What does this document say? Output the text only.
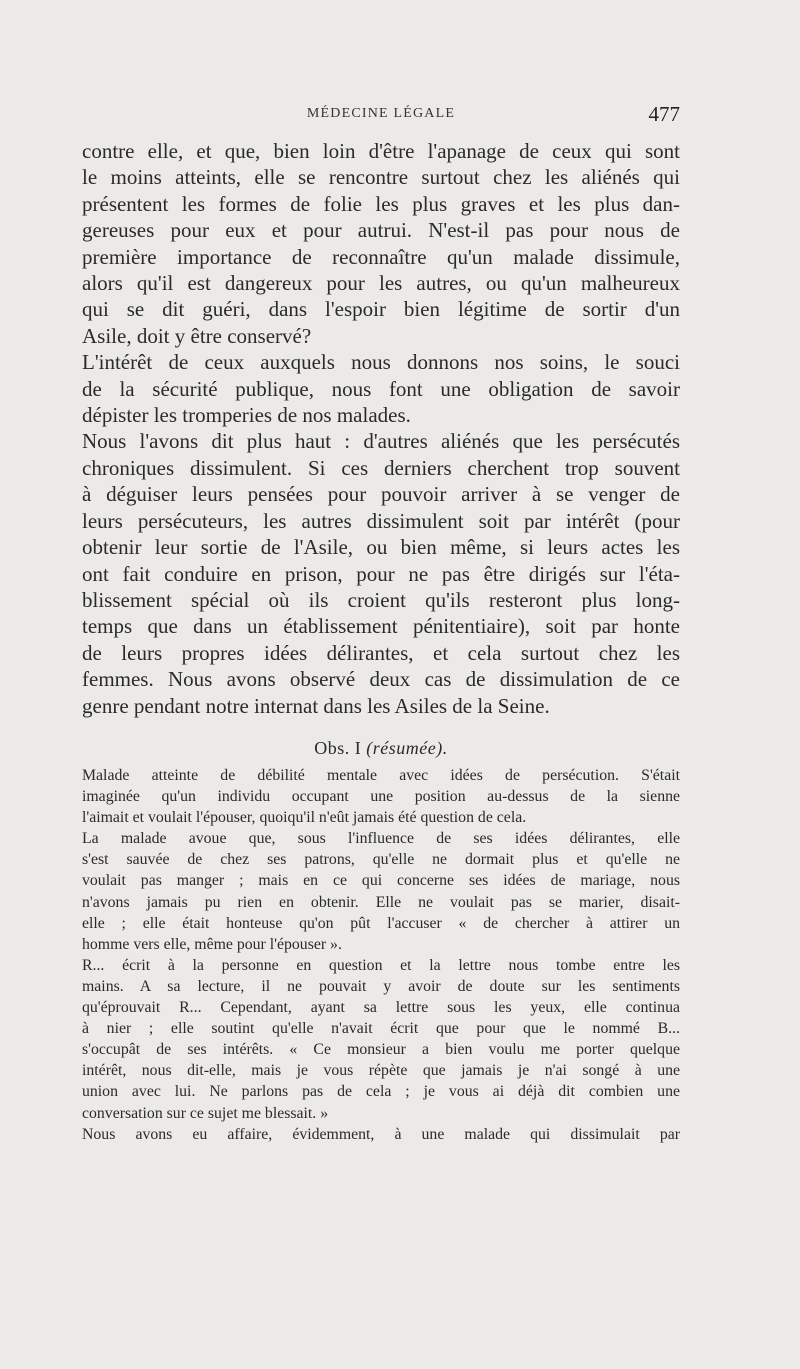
MÉDECINE LÉGALE	477

contre elle, et que, bien loin d'être l'apanage de ceux qui sont

le moins atteints, elle se rencontre surtout chez les aliénés qui

présentent les formes de folie les plus graves et les plus dan-

gereuses pour eux et pour autrui. N'est-il pas pour nous de

première importance de reconnaître qu'un malade dissimule,

alors qu'il est dangereux pour les autres, ou qu'un malheureux

qui se dit guéri, dans l'espoir bien légitime de sortir d'un

Asile, doit y être conservé?

L'intérêt de ceux auxquels nous donnons nos soins, le souci

de la sécurité publique, nous font une obligation de savoir

dépister les tromperies de nos malades.

Nous l'avons dit plus haut : d'autres aliénés que les persécutés

chroniques dissimulent. Si ces derniers cherchent trop souvent

à déguiser leurs pensées pour pouvoir arriver à se venger de

leurs persécuteurs, les autres dissimulent soit par intérêt (pour

obtenir leur sortie de l'Asile, ou bien même, si leurs actes les

ont fait conduire en prison, pour ne pas être dirigés sur l'éta-

blissement spécial où ils croient qu'ils resteront plus long-

temps que dans un établissement pénitentiaire), soit par honte

de leurs propres idées délirantes, et cela surtout chez les

femmes. Nous avons observé deux cas de dissimulation de ce

genre pendant notre internat dans les Asiles de la Seine.

Obs. I (résumée).

Malade atteinte de débilité mentale avec idées de persécution. S'était

imaginée qu'un individu occupant une position au-dessus de la sienne

l'aimait et voulait l'épouser, quoiqu'il n'eût jamais été question de cela.

La malade avoue que, sous l'influence de ses idées délirantes, elle

s'est sauvée de chez ses patrons, qu'elle ne dormait plus et qu'elle ne

voulait pas manger ; mais en ce qui concerne ses idées de mariage, nous

n'avons jamais pu rien en obtenir. Elle ne voulait pas se marier, disait-

elle ; elle était honteuse qu'on pût l'accuser « de chercher à attirer un

homme vers elle, même pour l'épouser ».

R... écrit à la personne en question et la lettre nous tombe entre les

mains. A sa lecture, il ne pouvait y avoir de doute sur les sentiments

qu'éprouvait R... Cependant, ayant sa lettre sous les yeux, elle continua

à nier ; elle soutint qu'elle n'avait écrit que pour que le nommé B...

s'occupât de ses intérêts. « Ce monsieur a bien voulu me porter quelque

intérêt, nous dit-elle, mais je vous répète que jamais je n'ai songé à une

union avec lui. Ne parlons pas de cela ; je vous ai déjà dit combien une

conversation sur ce sujet me blessait. »

Nous avons eu affaire, évidemment, à une malade qui dissimulait par
